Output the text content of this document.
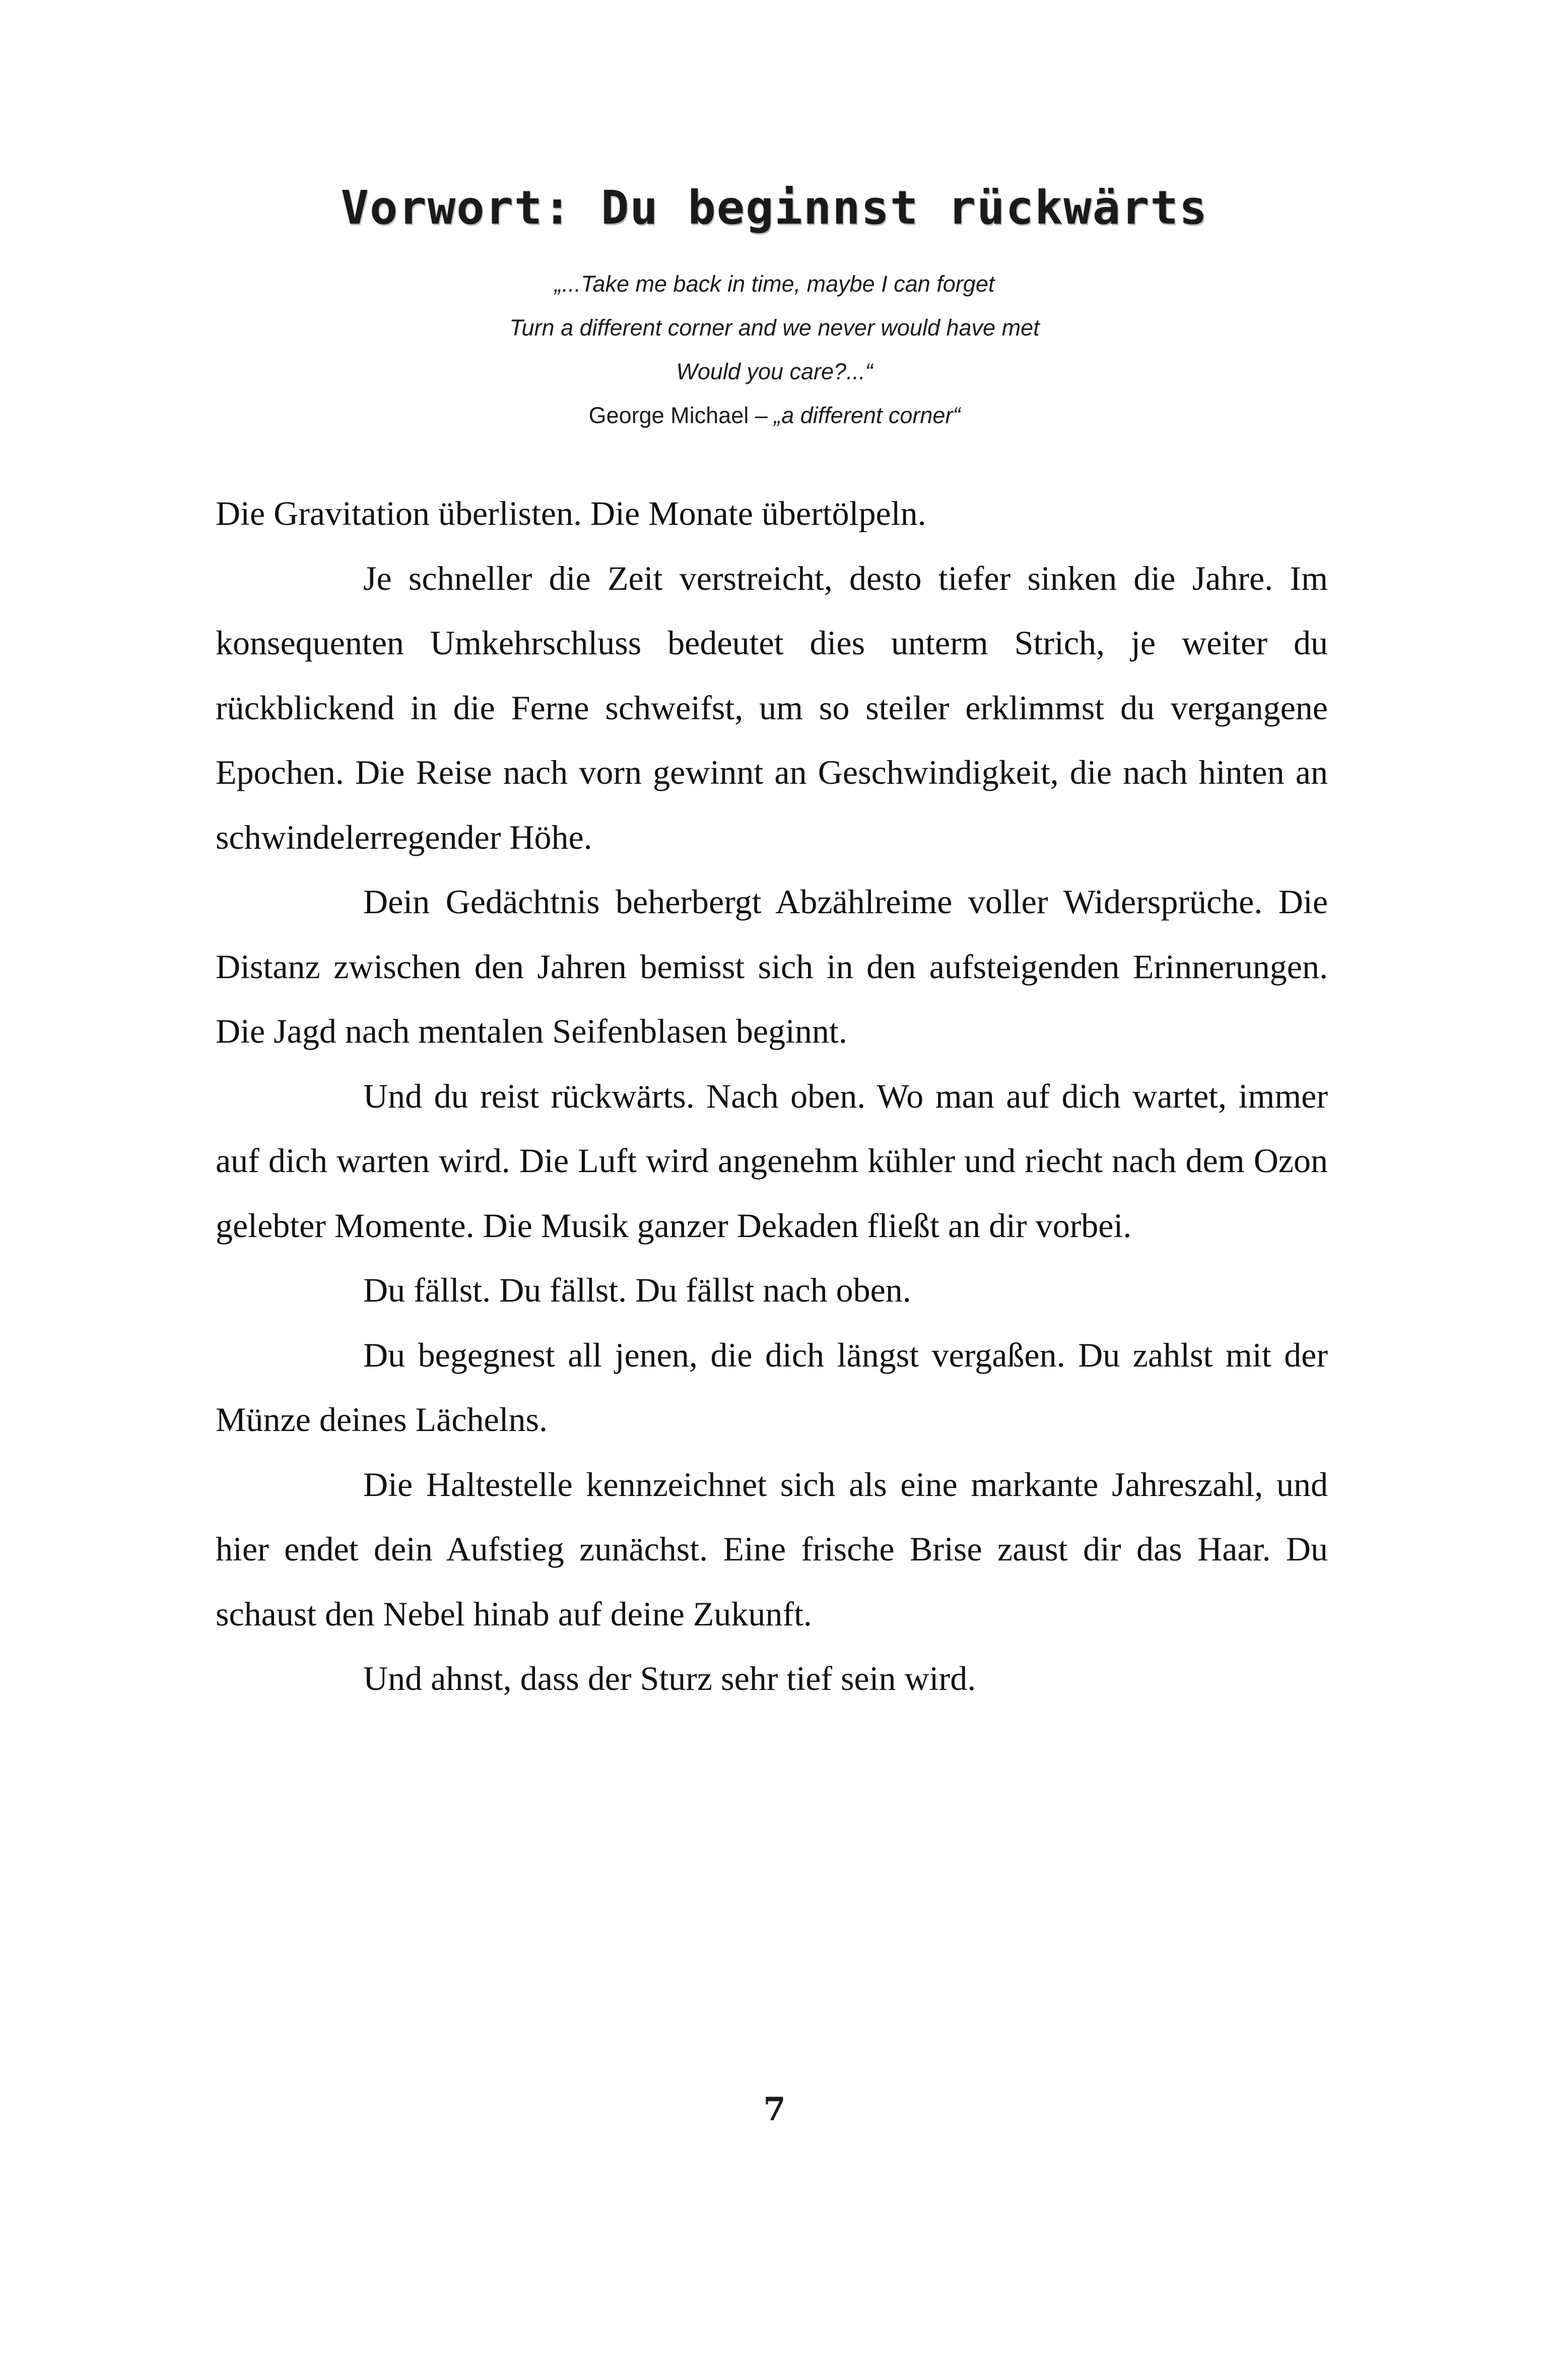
Vorwort: Du beginnst rückwärts
„...Take me back in time, maybe I can forget
Turn a different corner and we never would have met
Would you care?...“
George Michael – „a different corner“

Die Gravitation überlisten. Die Monate übertölpeln.

Je schneller die Zeit verstreicht, desto tiefer sinken die Jahre. Im konsequenten Umkehrschluss bedeutet dies unterm Strich, je weiter du rückblickend in die Ferne schweifst, um so steiler erklimmst du vergangene Epochen. Die Reise nach vorn gewinnt an Geschwindigkeit, die nach hinten an schwindelerregender Höhe.

Dein Gedächtnis beherbergt Abzählreime voller Widersprüche. Die Distanz zwischen den Jahren bemisst sich in den aufsteigenden Erinnerungen. Die Jagd nach mentalen Seifenblasen beginnt.

Und du reist rückwärts. Nach oben. Wo man auf dich wartet, immer auf dich warten wird. Die Luft wird angenehm kühler und riecht nach dem Ozon gelebter Momente. Die Musik ganzer Dekaden fließt an dir vorbei.

Du fällst. Du fällst. Du fällst nach oben.

Du begegnest all jenen, die dich längst vergaßen. Du zahlst mit der Münze deines Lächelns.

Die Haltestelle kennzeichnet sich als eine markante Jahreszahl, und hier endet dein Aufstieg zunächst. Eine frische Brise zaust dir das Haar. Du schaust den Nebel hinab auf deine Zukunft.

Und ahnst, dass der Sturz sehr tief sein wird.

7
